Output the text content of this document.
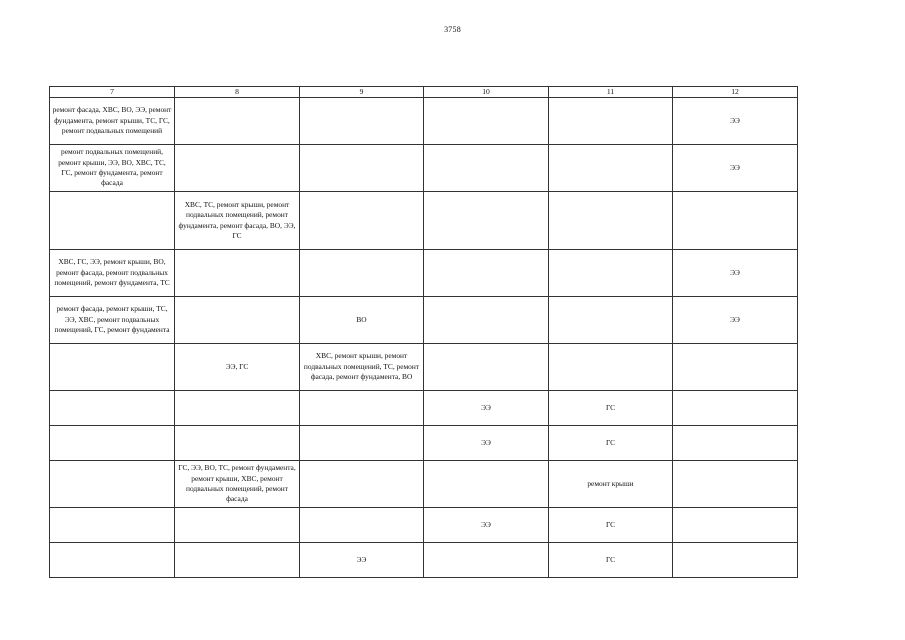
3758
7	8	9	10	11	12
ремонт фасада, ХВС, ВО, ЭЭ, ремонт фундамента, ремонт крыши, ТС, ГС, ремонт подвальных помещений					ЭЭ
ремонт подвальных помещений, ремонт крыши, ЭЭ, ВО, ХВС, ТС, ГС, ремонт фундамента, ремонт фасада					ЭЭ
	ХВС, ТС, ремонт крыши, ремонт подвальных помещений, ремонт фундамента, ремонт фасада, ВО, ЭЭ, ГС				
ХВС, ГС, ЭЭ, ремонт крыши, ВО, ремонт фасада, ремонт подвальных помещений, ремонт фундамента, ТС					ЭЭ
ремонт фасада, ремонт крыши, ТС, ЭЭ, ХВС, ремонт подвальных помещений, ГС, ремонт фундамента		ВО			ЭЭ
	ЭЭ, ГС	ХВС, ремонт крыши, ремонт подвальных помещений, ТС, ремонт фасада, ремонт фундамента, ВО			
			ЭЭ	ГС	
			ЭЭ	ГС	
	ГС, ЭЭ, ВО, ТС, ремонт фундамента, ремонт крыши, ХВС, ремонт подвальных помещений, ремонт фасада			ремонт крыши	
			ЭЭ	ГС	
		ЭЭ		ГС	
